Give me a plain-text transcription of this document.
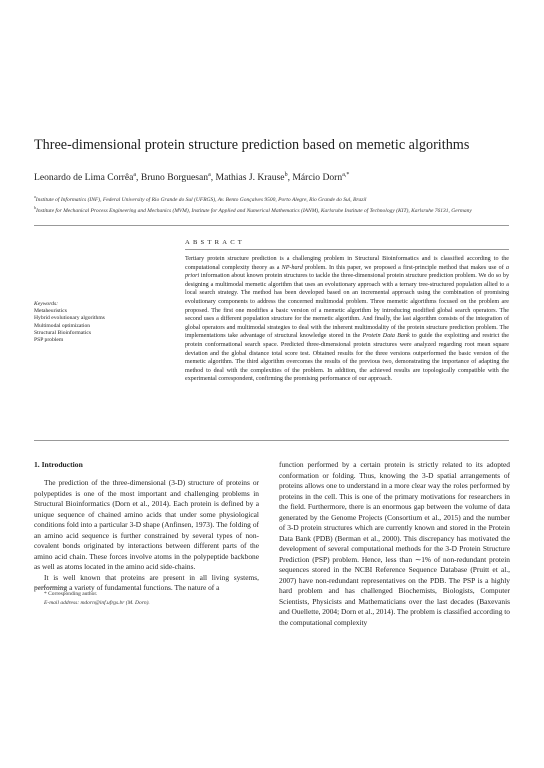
Three-dimensional protein structure prediction based on memetic algorithms
Leonardo de Lima Corrêa$^a$, Bruno Borguesan$^a$, Mathias J. Krause$^b$, Márcio Dorn$^{a,*}$

$^a$Institute of Informatics (INF), Federal University of Rio Grande do Sul (UFRGS), Av. Bento Gonçalves 9500, Porto Alegre, Rio Grande do Sul, Brazil

$^b$Institute for Mechanical Process Engineering and Mechanics (MVM), Institute for Applied and Numerical Mathematics (IANM), Karlsruhe Institute of Technology (KIT), Karlsruhe 76131, Germany

ABSTRACT
Tertiary protein structure prediction is a challenging problem in Structural Bioinformatics and is classified according to the computational complexity theory as a NP-hard problem. In this paper, we proposed a first-principle method that makes use of a priori information about known protein structures to tackle the three-dimensional protein structure prediction problem. We do so by designing a multimodal memetic algorithm that uses an evolutionary approach with a ternary tree-structured population allied to a local search strategy. The method has been developed based on an incremental approach using the combination of promising evolutionary components to address the concerned multimodal problem. Three memetic algorithms focused on the problem are proposed. The first one modifies a basic version of a memetic algorithm by introducing modified global search operators. The second uses a different population structure for the memetic algorithm. And finally, the last algorithm consists of the integration of global operators and multimodal strategies to deal with the inherent multimodality of the protein structure prediction problem. The implementations take advantage of structural knowledge stored in the Protein Data Bank to guide the exploiting and restrict the protein conformational search space. Predicted three-dimensional protein structures were analyzed regarding root mean square deviation and the global distance total score test. Obtained results for the three versions outperformed the basic version of the memetic algorithm. The third algorithm overcomes the results of the previous two, demonstrating the importance of adapting the method to deal with the complexities of the problem. In addition, the achieved results are topologically compatible with the experimental correspondent, confirming the promising performance of our approach.
Keywords:
Metaheuristics
Hybrid evolutionary algorithms
Multimodal optimization
Structural Bioinformatics
PSP problem

1. Introduction

The prediction of the three-dimensional (3-D) structure of proteins or polypeptides is one of the most important and challenging problems in Structural Bioinformatics (Dorn et al., 2014). Each protein is defined by a unique sequence of chained amino acids that under some physiological conditions fold into a particular 3-D shape (Anfinsen, 1973). The folding of an amino acid sequence is further constrained by several types of non-covalent bonds originated by interactions between different parts of the amino acid chain. These forces involve atoms in the polypeptide backbone as well as atoms located in the amino acid side-chains.

It is well known that proteins are present in all living systems, performing a variety of fundamental functions. The nature of a

function performed by a certain protein is strictly related to its adopted conformation or folding. Thus, knowing the 3-D spatial arrangements of proteins allows one to understand in a more clear way the roles performed by proteins in the cell. This is one of the primary motivations for researchers in the field. Furthermore, there is an enormous gap between the volume of data generated by the Genome Projects (Consortium et al., 2015) and the number of 3-D protein structures which are currently known and stored in the Protein Data Bank (PDB) (Berman et al., 2000). This discrepancy has motivated the development of several computational methods for the 3-D Protein Structure Prediction (PSP) problem. Hence, less than ∼1% of non-redundant protein sequences stored in the NCBI Reference Sequence Database (Pruitt et al., 2007) have non-redundant representatives on the PDB. The PSP is a highly hard problem and has challenged Biochemists, Biologists, Computer Scientists, Physicists and Mathematicians over the last decades (Baxevanis and Ouellette, 2004; Dorn et al., 2014). The problem is classified according to the computational complexity

* Corresponding author.
E-mail address: mdorn@inf.ufrgs.br (M. Dorn).
